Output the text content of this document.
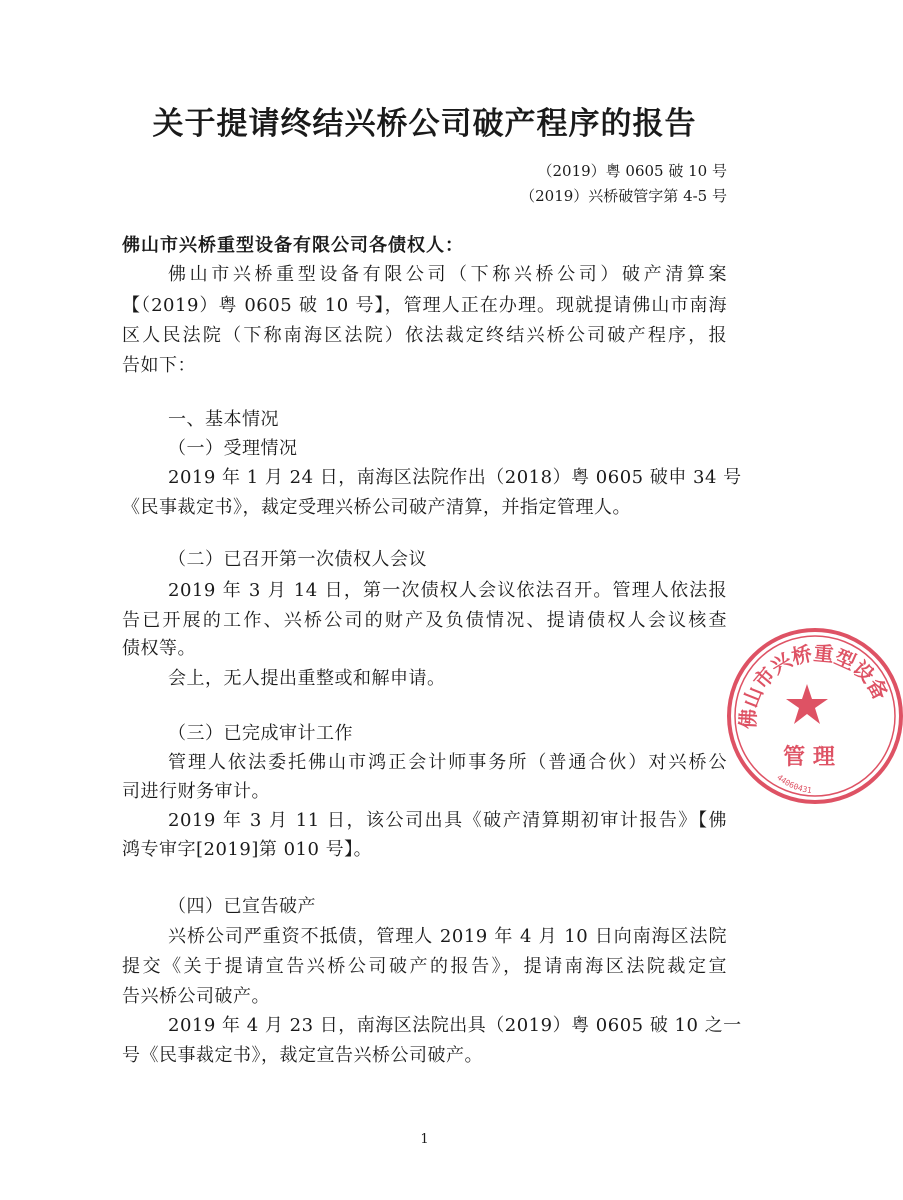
关于提请终结兴桥公司破产程序的报告
（2019）粤 0605 破 10 号
（2019）兴桥破管字第 4-5 号
佛山市兴桥重型设备有限公司各债权人：
佛山市兴桥重型设备有限公司（下称兴桥公司）破产清算案
【（2019）粤 0605 破 10 号】，管理人正在办理。现就提请佛山市南海
区人民法院（下称南海区法院）依法裁定终结兴桥公司破产程序，报
告如下：
一、基本情况
（一）受理情况
2019 年 1 月 24 日，南海区法院作出（2018）粤 0605 破申 34 号
《民事裁定书》，裁定受理兴桥公司破产清算，并指定管理人。
（二）已召开第一次债权人会议
2019 年 3 月 14 日，第一次债权人会议依法召开。管理人依法报
告已开展的工作、兴桥公司的财产及负债情况、提请债权人会议核查
债权等。
会上，无人提出重整或和解申请。
（三）已完成审计工作
管理人依法委托佛山市鸿正会计师事务所（普通合伙）对兴桥公
司进行财务审计。
2019 年 3 月 11 日，该公司出具《破产清算期初审计报告》【佛
鸿专审字[2019]第 010 号】。
（四）已宣告破产
兴桥公司严重资不抵债，管理人 2019 年 4 月 10 日向南海区法院
提交《关于提请宣告兴桥公司破产的报告》，提请南海区法院裁定宣
告兴桥公司破产。
2019 年 4 月 23 日，南海区法院出具（2019）粤 0605 破 10 之一
号《民事裁定书》，裁定宣告兴桥公司破产。
1
佛山市兴桥重型设备
管 理
44060431
